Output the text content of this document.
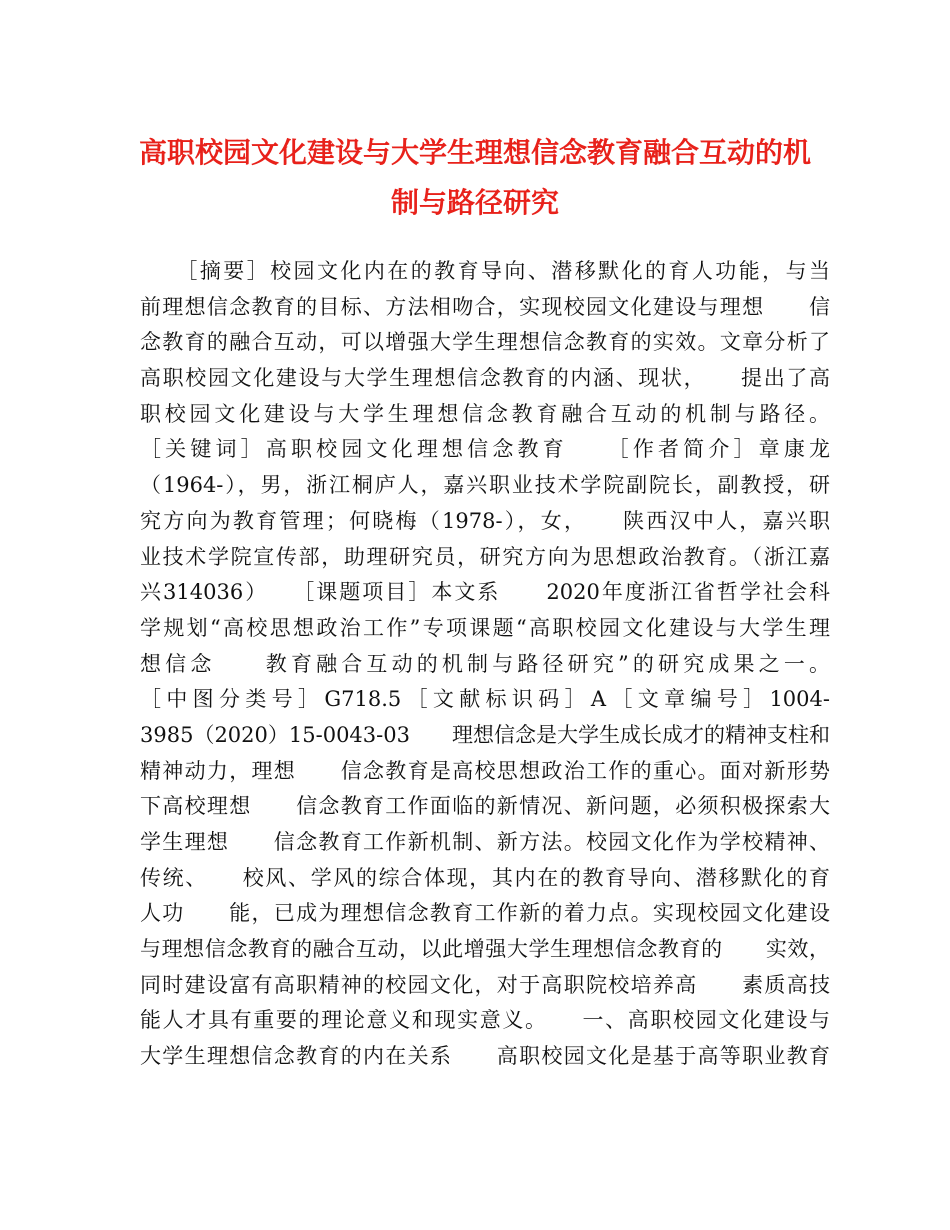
高职校园文化建设与大学生理想信念教育融合互动的机
制与路径研究
［摘要］校园文化内在的教育导向、潜移默化的育人功能，与当
前理想信念教育的目标、方法相吻合，实现校园文化建设与理想　　信
念教育的融合互动，可以增强大学生理想信念教育的实效。文章分析了
高职校园文化建设与大学生理想信念教育的内涵、现状，　　提出了高
职校园文化建设与大学生理想信念教育融合互动的机制与路径。
［关键词］高职校园文化理想信念教育　　［作者简介］章康龙
（1964-），男，浙江桐庐人，嘉兴职业技术学院副院长，副教授，研
究方向为教育管理；何晓梅（1978-），女，　　陕西汉中人，嘉兴职
业技术学院宣传部，助理研究员，研究方向为思想政治教育。（浙江嘉
兴314036）　　［课题项目］本文系　　2020年度浙江省哲学社会科
学规划“高校思想政治工作”专项课题“高职校园文化建设与大学生理
想信念　　教育融合互动的机制与路径研究”的研究成果之一。
［中图分类号］G718.5［文献标识码］A［文章编号］1004-
3985（2020）15-0043-03　　理想信念是大学生成长成才的精神支柱和
精神动力，理想　　信念教育是高校思想政治工作的重心。面对新形势
下高校理想　　信念教育工作面临的新情况、新问题，必须积极探索大
学生理想　　信念教育工作新机制、新方法。校园文化作为学校精神、
传统、　　校风、学风的综合体现，其内在的教育导向、潜移默化的育
人功　　能，已成为理想信念教育工作新的着力点。实现校园文化建设
与理想信念教育的融合互动，以此增强大学生理想信念教育的　　实效，
同时建设富有高职精神的校园文化，对于高职院校培养高　　素质高技
能人才具有重要的理论意义和现实意义。　　一、高职校园文化建设与
大学生理想信念教育的内在关系　　高职校园文化是基于高等职业教育
